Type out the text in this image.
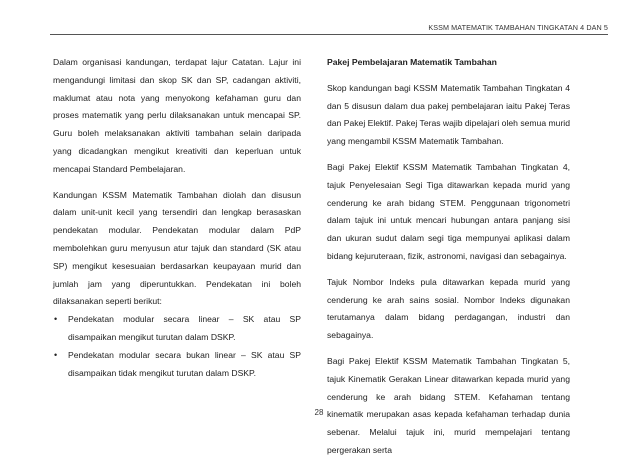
KSSM MATEMATIK TAMBAHAN TINGKATAN 4 DAN 5

Dalam organisasi kandungan, terdapat lajur Catatan. Lajur ini mengandungi limitasi dan skop SK dan SP, cadangan aktiviti, maklumat atau nota yang menyokong kefahaman guru dan proses matematik yang perlu dilaksanakan untuk mencapai SP. Guru boleh melaksanakan aktiviti tambahan selain daripada yang dicadangkan mengikut kreativiti dan keperluan untuk mencapai Standard Pembelajaran.

Kandungan KSSM Matematik Tambahan diolah dan disusun dalam unit-unit kecil yang tersendiri dan lengkap berasaskan pendekatan modular. Pendekatan modular dalam PdP membolehkan guru menyusun atur tajuk dan standard (SK atau SP) mengikut kesesuaian berdasarkan keupayaan murid dan jumlah jam yang diperuntukkan. Pendekatan ini boleh dilaksanakan seperti berikut:

• Pendekatan modular secara linear – SK atau SP disampaikan mengikut turutan dalam DSKP.
• Pendekatan modular secara bukan linear – SK atau SP disampaikan tidak mengikut turutan dalam DSKP.
Pakej Pembelajaran Matematik Tambahan

Skop kandungan bagi KSSM Matematik Tambahan Tingkatan 4 dan 5 disusun dalam dua pakej pembelajaran iaitu Pakej Teras dan Pakej Elektif. Pakej Teras wajib dipelajari oleh semua murid yang mengambil KSSM Matematik Tambahan.

Bagi Pakej Elektif KSSM Matematik Tambahan Tingkatan 4, tajuk Penyelesaian Segi Tiga ditawarkan kepada murid yang cenderung ke arah bidang STEM. Penggunaan trigonometri dalam tajuk ini untuk mencari hubungan antara panjang sisi dan ukuran sudut dalam segi tiga mempunyai aplikasi dalam bidang kejuruteraan, fizik, astronomi, navigasi dan sebagainya.

Tajuk Nombor Indeks pula ditawarkan kepada murid yang cenderung ke arah sains sosial. Nombor Indeks digunakan terutamanya dalam bidang perdagangan, industri dan sebagainya.

Bagi Pakej Elektif KSSM Matematik Tambahan Tingkatan 5, tajuk Kinematik Gerakan Linear ditawarkan kepada murid yang cenderung ke arah bidang STEM. Kefahaman tentang kinematik merupakan asas kepada kefahaman terhadap dunia sebenar. Melalui tajuk ini, murid mempelajari tentang pergerakan serta

28
